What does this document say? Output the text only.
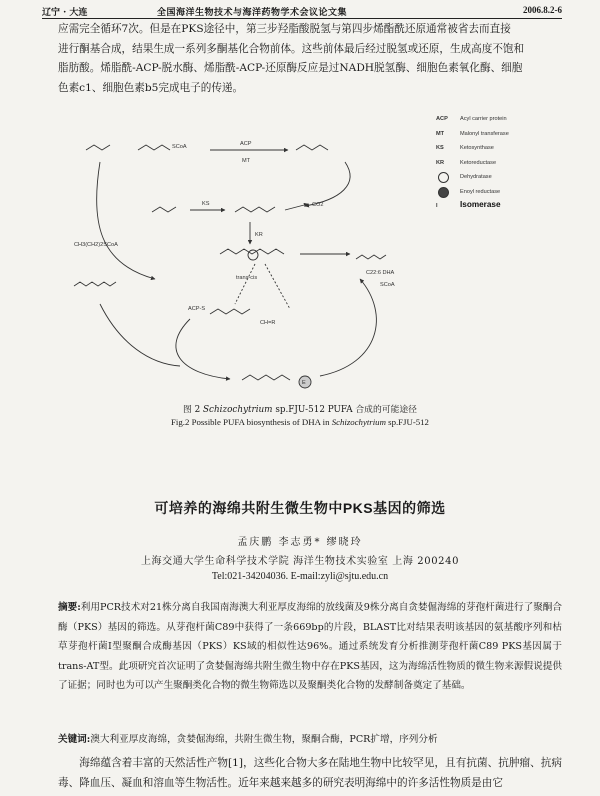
辽宁 · 大连	全国海洋生物技术与海洋药物学术会议论文集	2006.8.2-6

应需完全循环7次。但是在PKS途径中，第三步羟脂酸脱氢与第四步烯酯酰还原通常被省去而直接

进行酮基合成，结果生成一系列多酮基化合物前体。这些前体最后经过脱氢或还原，生成高度不饱和

脂肪酸。烯脂酰-ACP-脱水酶、烯脂酰-ACP-还原酶反应是过NADH脱氢酶、细胞色素氧化酶、细胞

色素c1、细胞色素b5完成电子的传递。

SCoA	ACP
MT
KS	CO2
KR
C22:6 DHA
trans-cis
CH3(CH2)2SCoA
ACP-S
SCoA
CH=R
E
ACP	Acyl carrier protein
MT	Malonyl transferase
KS	Ketosynthase
KR	Ketoreductase
Dehydratase
Enoyl reductase
I	Isomerase
图 2 Schizochytrium sp.FJU-512 PUFA 合成的可能途径
Fig.2 Possible PUFA biosynthesis of DHA in Schizochytrium sp.FJU-512
可培养的海绵共附生微生物中PKS基因的筛选
孟庆鹏 李志勇* 缪晓玲
上海交通大学生命科学技术学院 海洋生物技术实验室 上海 200240
Tel:021-34204036. E-mail:zyli@sjtu.edu.cn
摘要:利用PCR技术对21株分离自我国南海澳大利亚厚皮海绵的放线菌及9株分离自贪婪倔海绵的芽孢杆菌进行了聚酮合酶（PKS）基因的筛选。从芽孢杆菌C89中获得了一条669bp的片段，BLAST比对结果表明该基因的氨基酸序列和枯草芽孢杆菌I型聚酮合成酶基因（PKS）KS域的相似性达96%。通过系统发育分析推测芽孢杆菌C89 PKS基因属于trans-AT型。此项研究首次证明了贪婪倔海绵共附生微生物中存在PKS基因，这为海绵活性物质的微生物来源假说提供了证据；同时也为可以产生聚酮类化合物的微生物筛选以及聚酮类化合物的发酵制备奠定了基础。
关键词:澳大利亚厚皮海绵，贪婪倔海绵，共附生微生物，聚酮合酶，PCR扩增，序列分析
海绵蕴含着丰富的天然活性产物[1]，这些化合物大多在陆地生物中比较罕见，且有抗菌、抗肿瘤、抗病毒、降血压、凝血和溶血等生物活性。近年来越来越多的研究表明海绵中的许多活性物质是由它
